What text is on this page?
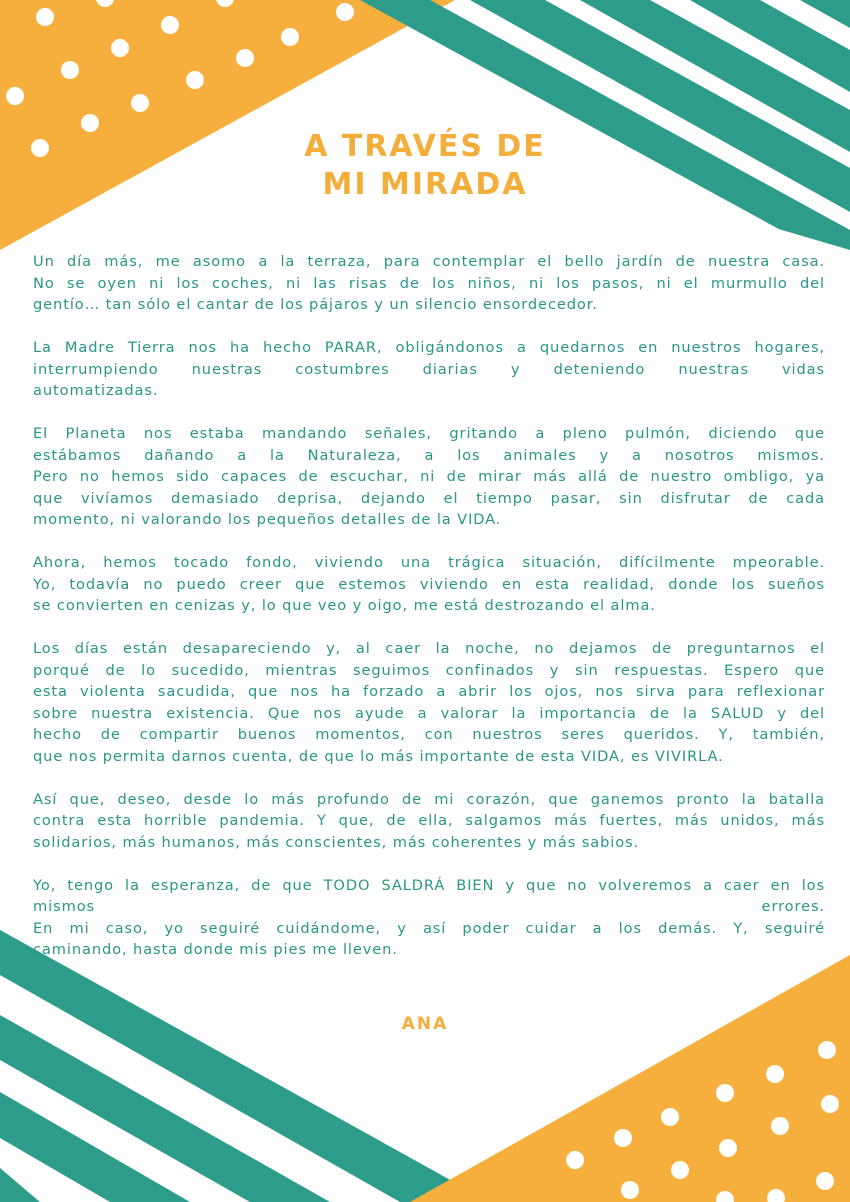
A TRAVÉS DE
MI MIRADA

Un día más, me asomo a la terraza, para contemplar el bello jardín de nuestra casa.
No se oyen ni los coches, ni las risas de los niños, ni los pasos, ni el murmullo del
gentío… tan sólo el cantar de los pájaros y un silencio ensordecedor.

La Madre Tierra nos ha hecho PARAR, obligándonos a quedarnos en nuestros hogares,
interrumpiendo nuestras costumbres diarias y deteniendo nuestras vidas
automatizadas.

El Planeta nos estaba mandando señales, gritando a pleno pulmón, diciendo que
estábamos dañando a la Naturaleza, a los animales y a nosotros mismos.
Pero no hemos sido capaces de escuchar, ni de mirar más allá de nuestro ombligo, ya
que vivíamos demasiado deprisa, dejando el tiempo pasar, sin disfrutar de cada
momento, ni valorando los pequeños detalles de la VIDA.

Ahora, hemos tocado fondo, viviendo una trágica situación, difícilmente mpeorable.
Yo, todavía no puedo creer que estemos viviendo en esta realidad, donde los sueños
se convierten en cenizas y, lo que veo y oigo, me está destrozando el alma.

Los días están desapareciendo y, al caer la noche, no dejamos de preguntarnos el
porqué de lo sucedido, mientras seguimos confinados y sin respuestas. Espero que
esta violenta sacudida, que nos ha forzado a abrir los ojos, nos sirva para reflexionar
sobre nuestra existencia. Que nos ayude a valorar la importancia de la SALUD y del
hecho de compartir buenos momentos, con nuestros seres queridos. Y, también,
que nos permita darnos cuenta, de que lo más importante de esta VIDA, es VIVIRLA.

Así que, deseo, desde lo más profundo de mi corazón, que ganemos pronto la batalla
contra esta horrible pandemia. Y que, de ella, salgamos más fuertes, más unidos, más
solidarios, más humanos, más conscientes, más coherentes y más sabios.

Yo, tengo la esperanza, de que TODO SALDRÁ BIEN y que no volveremos a caer en los
mismos errores.
En mi caso, yo seguiré cuidándome, y así poder cuidar a los demás. Y, seguiré
caminando, hasta donde mis pies me lleven.

ANA
